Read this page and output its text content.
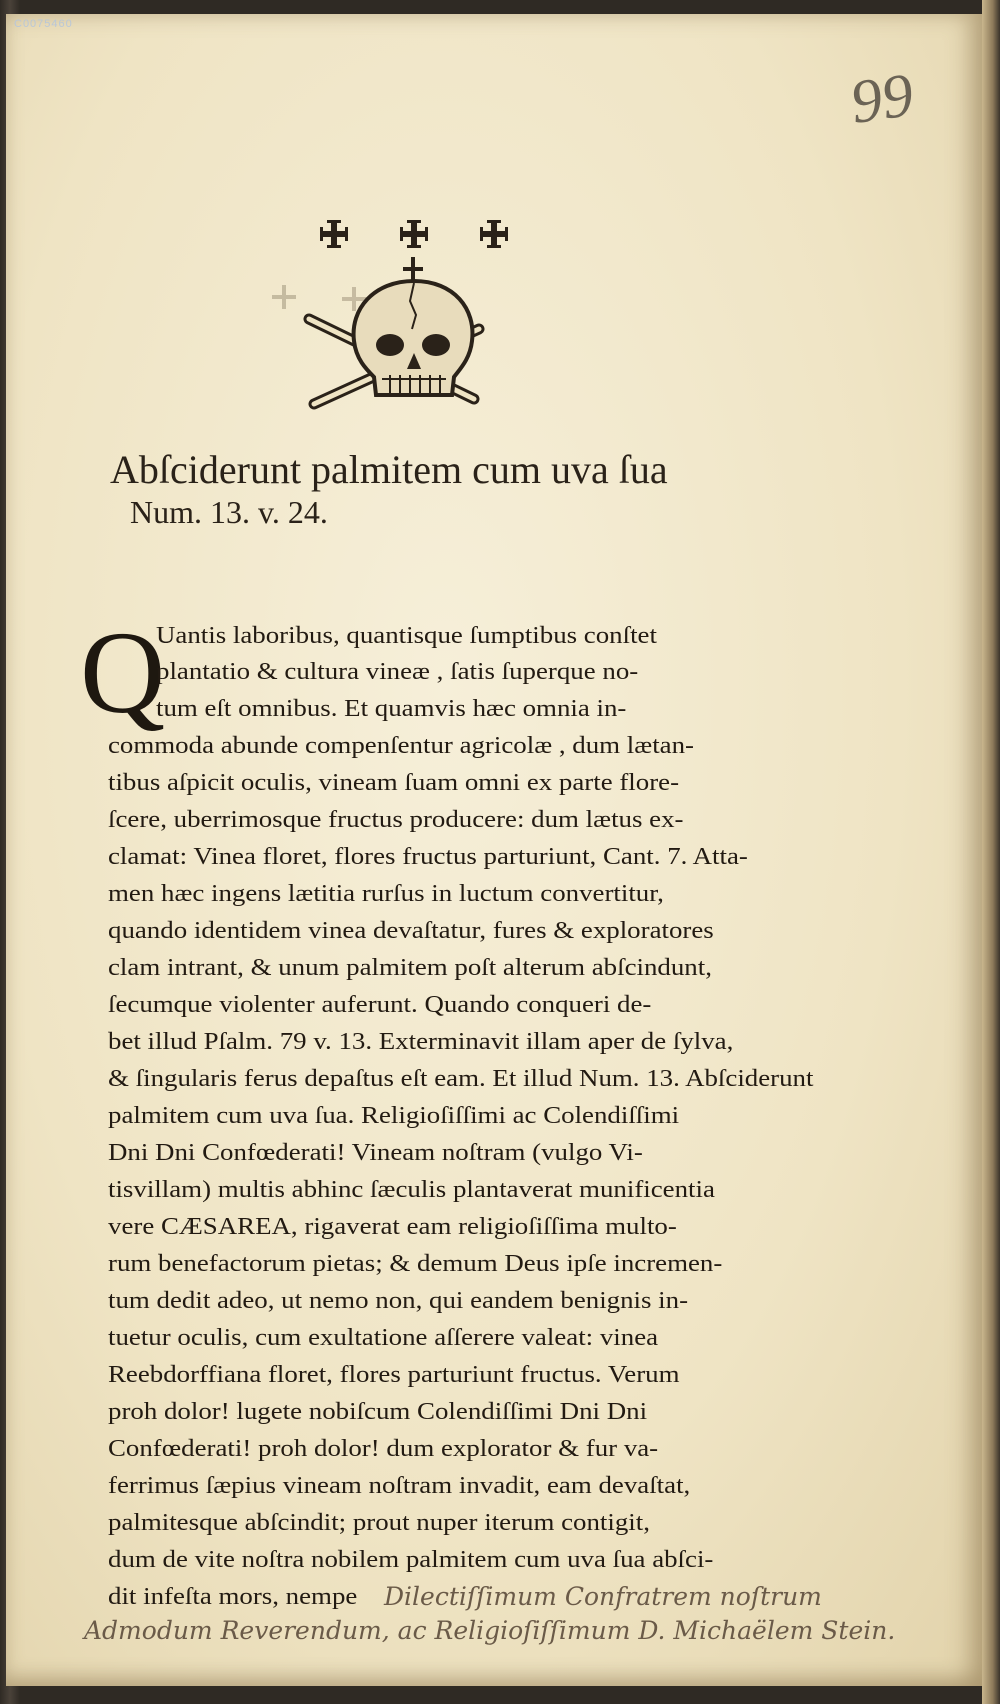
C0075460
99
Abſciderunt palmitem cum uva ſua
Num. 13. v. 24.
Q

Uantis laboribus, quantisque ſumptibus conſtet

plantatio & cultura vineæ , ſatis ſuperque no-

tum eſt omnibus. Et quamvis hæc omnia in-

commoda abunde compenſentur agricolæ , dum lætan-

tibus aſpicit oculis, vineam ſuam omni ex parte flore-

ſcere, uberrimosque fructus producere: dum lætus ex-

clamat: Vinea floret, flores fructus parturiunt, Cant. 7. Atta-

men hæc ingens lætitia rurſus in luctum convertitur,

quando identidem vinea devaſtatur, fures & exploratores

clam intrant, & unum palmitem poſt alterum abſcindunt,

ſecumque violenter auferunt. Quando conqueri de-

bet illud Pſalm. 79 v. 13. Exterminavit illam aper de ſylva,

& ſingularis ferus depaſtus eſt eam. Et illud Num. 13. Abſciderunt

palmitem cum uva ſua. Religioſiſſimi ac Colendiſſimi

Dni Dni Confœderati! Vineam noſtram (vulgo Vi-

tisvillam) multis abhinc ſæculis plantaverat munificentia

vere CÆSAREA, rigaverat eam religioſiſſima multo-

rum benefactorum pietas; & demum Deus ipſe incremen-

tum dedit adeo, ut nemo non, qui eandem benignis in-

tuetur oculis, cum exultatione aſſerere valeat: vinea

Reebdorffiana floret, flores parturiunt fructus. Verum

proh dolor! lugete nobiſcum Colendiſſimi Dni Dni

Confœderati! proh dolor! dum explorator & fur va-

ferrimus ſæpius vineam noſtram invadit, eam devaſtat,

palmitesque abſcindit; prout nuper iterum contigit,

dum de vite noſtra nobilem palmitem cum uva ſua abſci-

dit infeſta mors, nempe Dilectiſſimum Confratrem noſtrum
Admodum Reverendum, ac Religioſiſſimum D. Michaëlem Stein.
